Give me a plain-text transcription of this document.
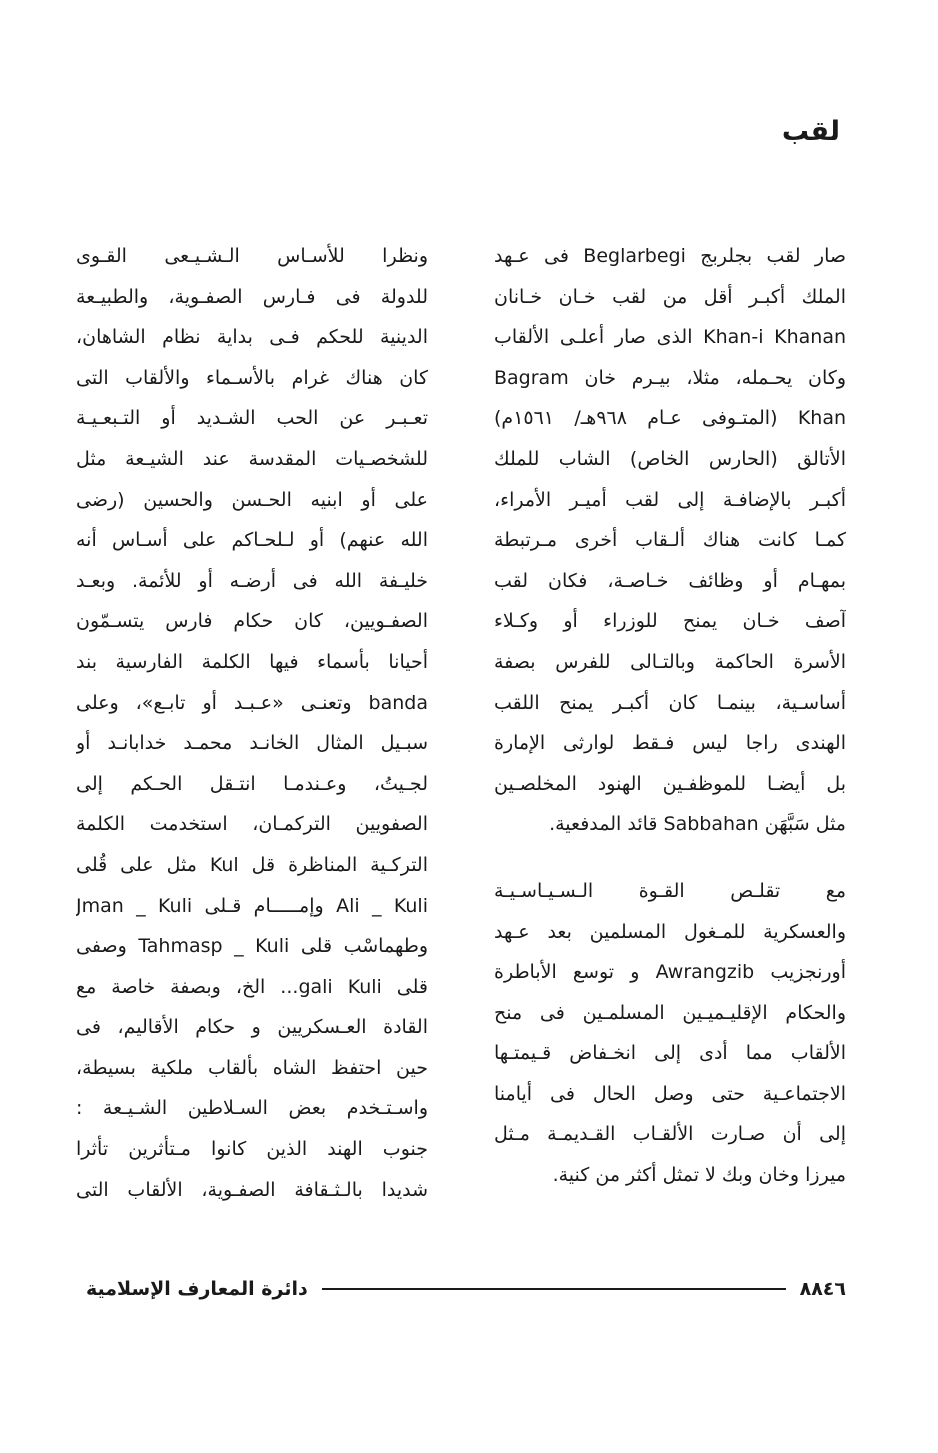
لقب
صار لقب بجلربج Beglarbegi فى عـهد
الملك أكبـر أقل من لقب خـان خـانان
Khan-i Khanan الذى صار أعلـى الألقاب
وكان يحـمله، مثلا، بيـرم خان Bagram
Khan (المتـوفى عـام ٩٦٨هـ/ ١٥٦١م)
الأتالق (الحارس الخاص) الشاب للملك
أكبـر بالإضافـة إلى لقب أميـر الأمراء،
كمـا كانت هناك ألـقاب أخرى مـرتبطة
بمهـام أو وظائف خـاصـة، فكان لقب
آصف خـان يمنح للوزراء أو وكـلاء
الأسرة الحاكمة وبالتـالى للفرس بصفة
أساسـية، بينمـا كان أكبـر يمنح اللقب
الهندى راجا ليس فـقط لوارثى الإمارة
بل أيضـا للموظفـين الهنود المخلصـين
مثل سَبَّهَن Sabbahan قائد المدفعية.
مع تقلـص القـوة الـسـيـاسـيـة
والعسكرية للمـغول المسلمين بعد عـهد
أورنجزيب Awrangzib و توسع الأباطرة
والحكام الإقليـميـين المسلمـين فى منح
الألقاب مما أدى إلى انخـفاض قـيمتـها
الاجتماعـية حتى وصل الحال فى أيامنا
إلى أن صـارت الألقـاب القـديمـة مـثل
ميرزا وخان وبك لا تمثل أكثر من كنية.
ونظرا للأسـاس الـشـيـعى القـوى
للدولة فى فـارس الصفـوية، والطبيـعة
الدينية للحكم فـى بداية نظام الشاهان،
كان هناك غرام بالأسـماء والألقاب التى
تعـبـر عن الحب الشـديد أو التـبعـيـة
للشخصـيات المقدسة عند الشيـعة مثل
على أو ابنيه الحـسن والحسين (رضى
الله عنهم) أو لـلحـاكم على أسـاس أنه
خليـفة الله فى أرضـه أو للأئمة. وبعـد
الصفـويين، كان حكام فارس يتسـمّون
أحيانا بأسماء فيها الكلمة الفارسية بند
banda وتعنـى «عـبـد أو تابـع»، وعلى
سبـيل المثال الخانـد محمـد خدابانـد أو
لجـيتُ، وعـندمـا انتـقل الحـكم إلى
الصفويين التركمـان، استخدمت الكلمة
التركـية المناظرة قل Kul مثل على قُلى
Ali _ Kuli وإمـــــام قـلى Jman _ Kuli
وطهماسْب قلى Tahmasp _ Kuli وصفى
قلى gali Kuli... الخ، وبصفة خاصة مع
القادة العـسكريين و حكام الأقاليم، فى
حين احتفظ الشاه بألقاب ملكية بسيطة،
واسـتـخدم بعض السـلاطين الشـيـعة :
جنوب الهند الذين كانوا مـتأثرين تأثرا
شديدا بالـثـقافة الصفـوية، الألقاب التى
٨٨٤٦
دائرة المعارف الإسلامية
